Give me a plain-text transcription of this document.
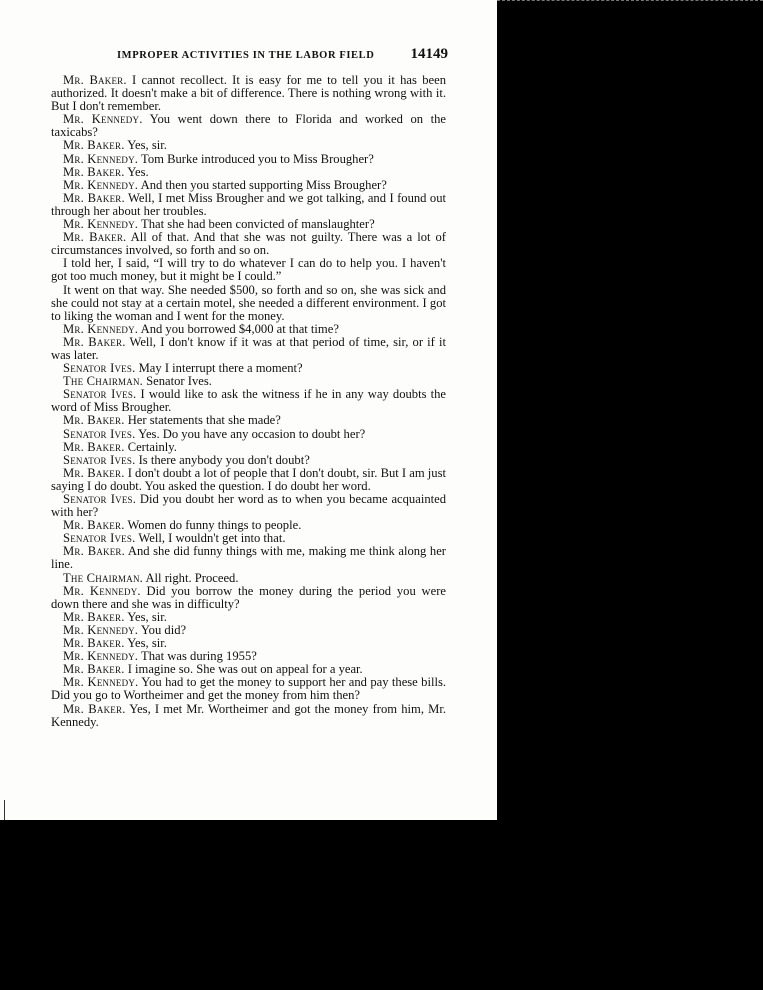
IMPROPER ACTIVITIES IN THE LABOR FIELD 14149

Mr. Baker. I cannot recollect. It is easy for me to tell you it has been authorized. It doesn't make a bit of difference. There is nothing wrong with it. But I don't remember.

Mr. Kennedy. You went down there to Florida and worked on the taxicabs?

Mr. Baker. Yes, sir.

Mr. Kennedy. Tom Burke introduced you to Miss Brougher?

Mr. Baker. Yes.

Mr. Kennedy. And then you started supporting Miss Brougher?

Mr. Baker. Well, I met Miss Brougher and we got talking, and I found out through her about her troubles.

Mr. Kennedy. That she had been convicted of manslaughter?

Mr. Baker. All of that. And that she was not guilty. There was a lot of circumstances involved, so forth and so on.

I told her, I said, “I will try to do whatever I can do to help you. I haven't got too much money, but it might be I could.”

It went on that way. She needed $500, so forth and so on, she was sick and she could not stay at a certain motel, she needed a different environment. I got to liking the woman and I went for the money.

Mr. Kennedy. And you borrowed $4,000 at that time?

Mr. Baker. Well, I don't know if it was at that period of time, sir, or if it was later.

Senator Ives. May I interrupt there a moment?

The Chairman. Senator Ives.

Senator Ives. I would like to ask the witness if he in any way doubts the word of Miss Brougher.

Mr. Baker. Her statements that she made?

Senator Ives. Yes. Do you have any occasion to doubt her?

Mr. Baker. Certainly.

Senator Ives. Is there anybody you don't doubt?

Mr. Baker. I don't doubt a lot of people that I don't doubt, sir. But I am just saying I do doubt. You asked the question. I do doubt her word.

Senator Ives. Did you doubt her word as to when you became acquainted with her?

Mr. Baker. Women do funny things to people.

Senator Ives. Well, I wouldn't get into that.

Mr. Baker. And she did funny things with me, making me think along her line.

The Chairman. All right. Proceed.

Mr. Kennedy. Did you borrow the money during the period you were down there and she was in difficulty?

Mr. Baker. Yes, sir.

Mr. Kennedy. You did?

Mr. Baker. Yes, sir.

Mr. Kennedy. That was during 1955?

Mr. Baker. I imagine so. She was out on appeal for a year.

Mr. Kennedy. You had to get the money to support her and pay these bills. Did you go to Wortheimer and get the money from him then?

Mr. Baker. Yes, I met Mr. Wortheimer and got the money from him, Mr. Kennedy.
